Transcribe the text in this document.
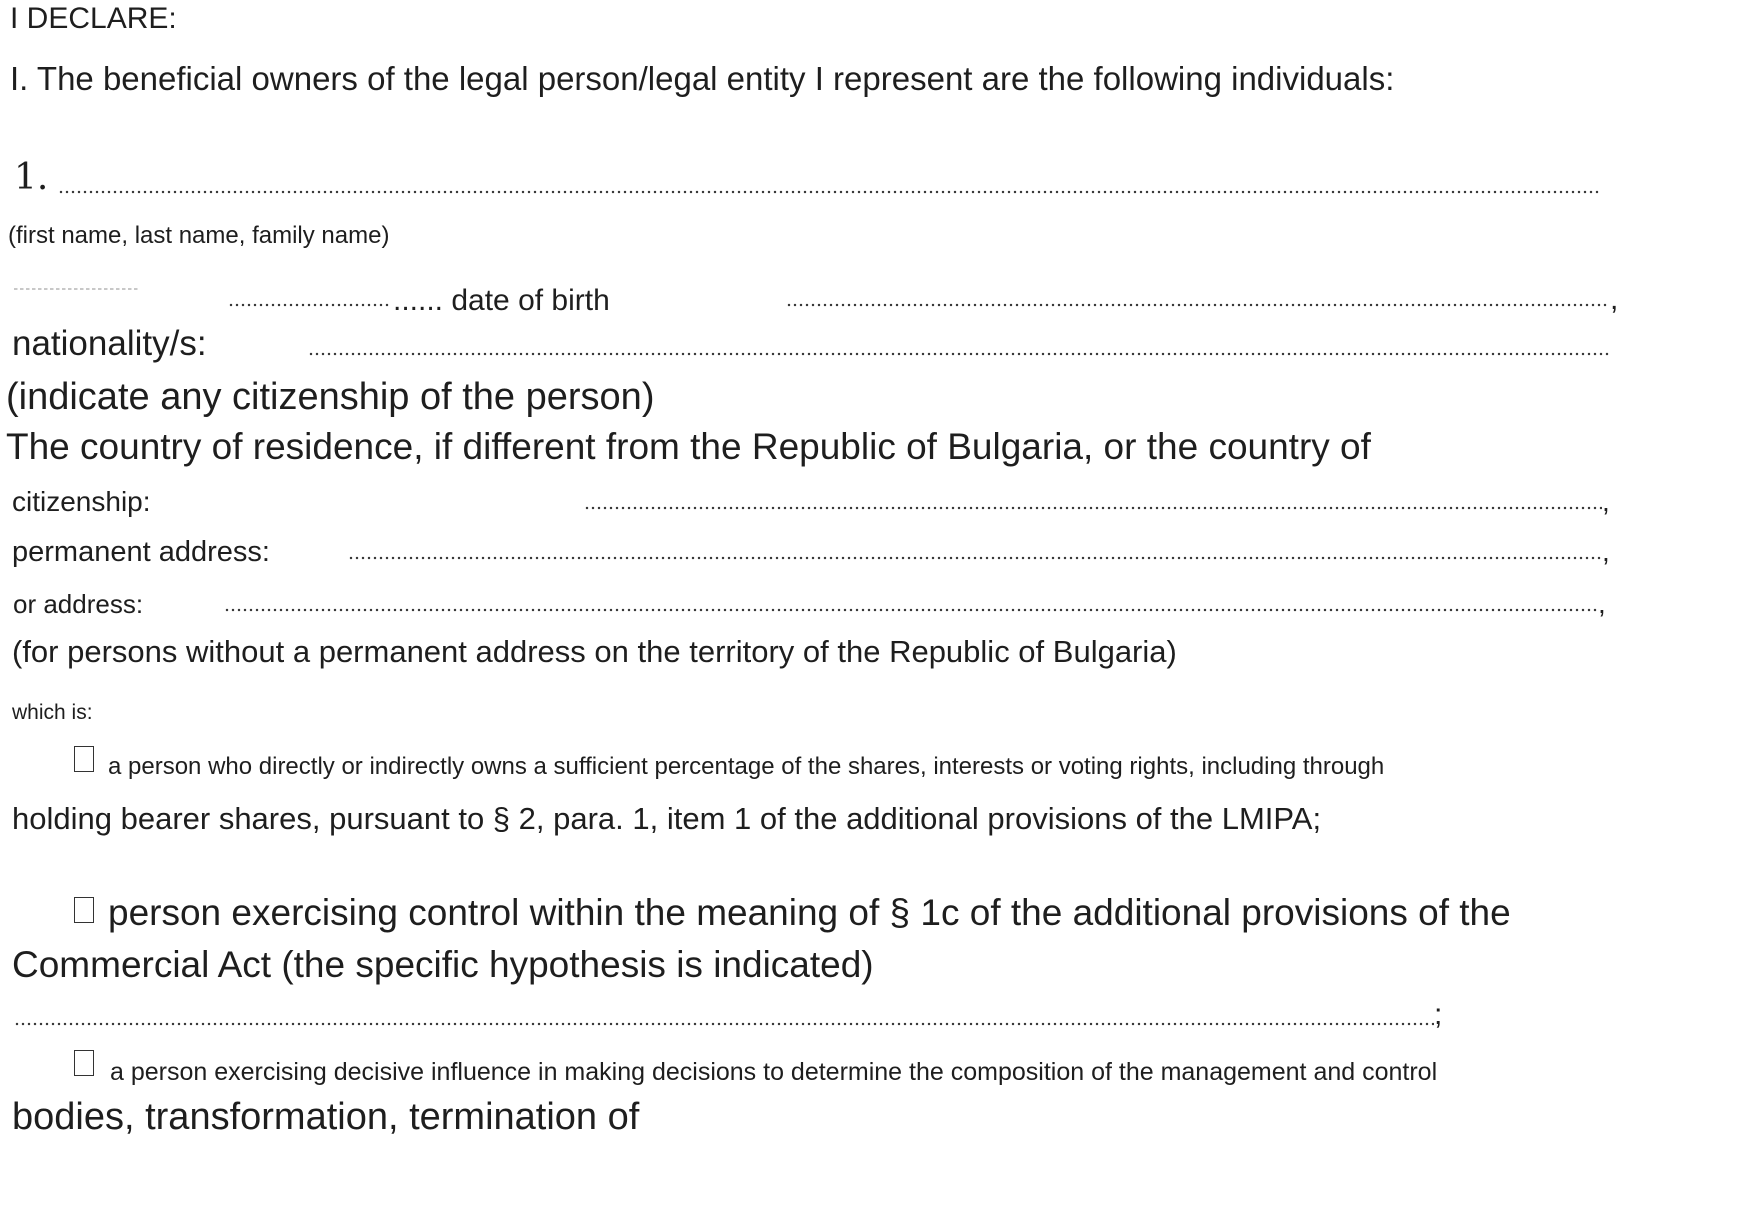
I DECLARE:
I. The beneficial owners of the legal person/legal entity I represent are the following individuals:
1.
(first name, last name, family name)
...... date of birth	,
nationality/s:
(indicate any citizenship of the person)
The country of residence, if different from the Republic of Bulgaria, or the country of
citizenship:	,
permanent address:	,
or address:	,
(for persons without a permanent address on the territory of the Republic of Bulgaria)
which is:
a person who directly or indirectly owns a sufficient percentage of the shares, interests or voting rights, including through
holding bearer shares, pursuant to § 2, para. 1, item 1 of the additional provisions of the LMIPA;
person exercising control within the meaning of § 1c of the additional provisions of the
Commercial Act (the specific hypothesis is indicated)
;
a person exercising decisive influence in making decisions to determine the composition of the management and control
bodies, transformation, termination of
